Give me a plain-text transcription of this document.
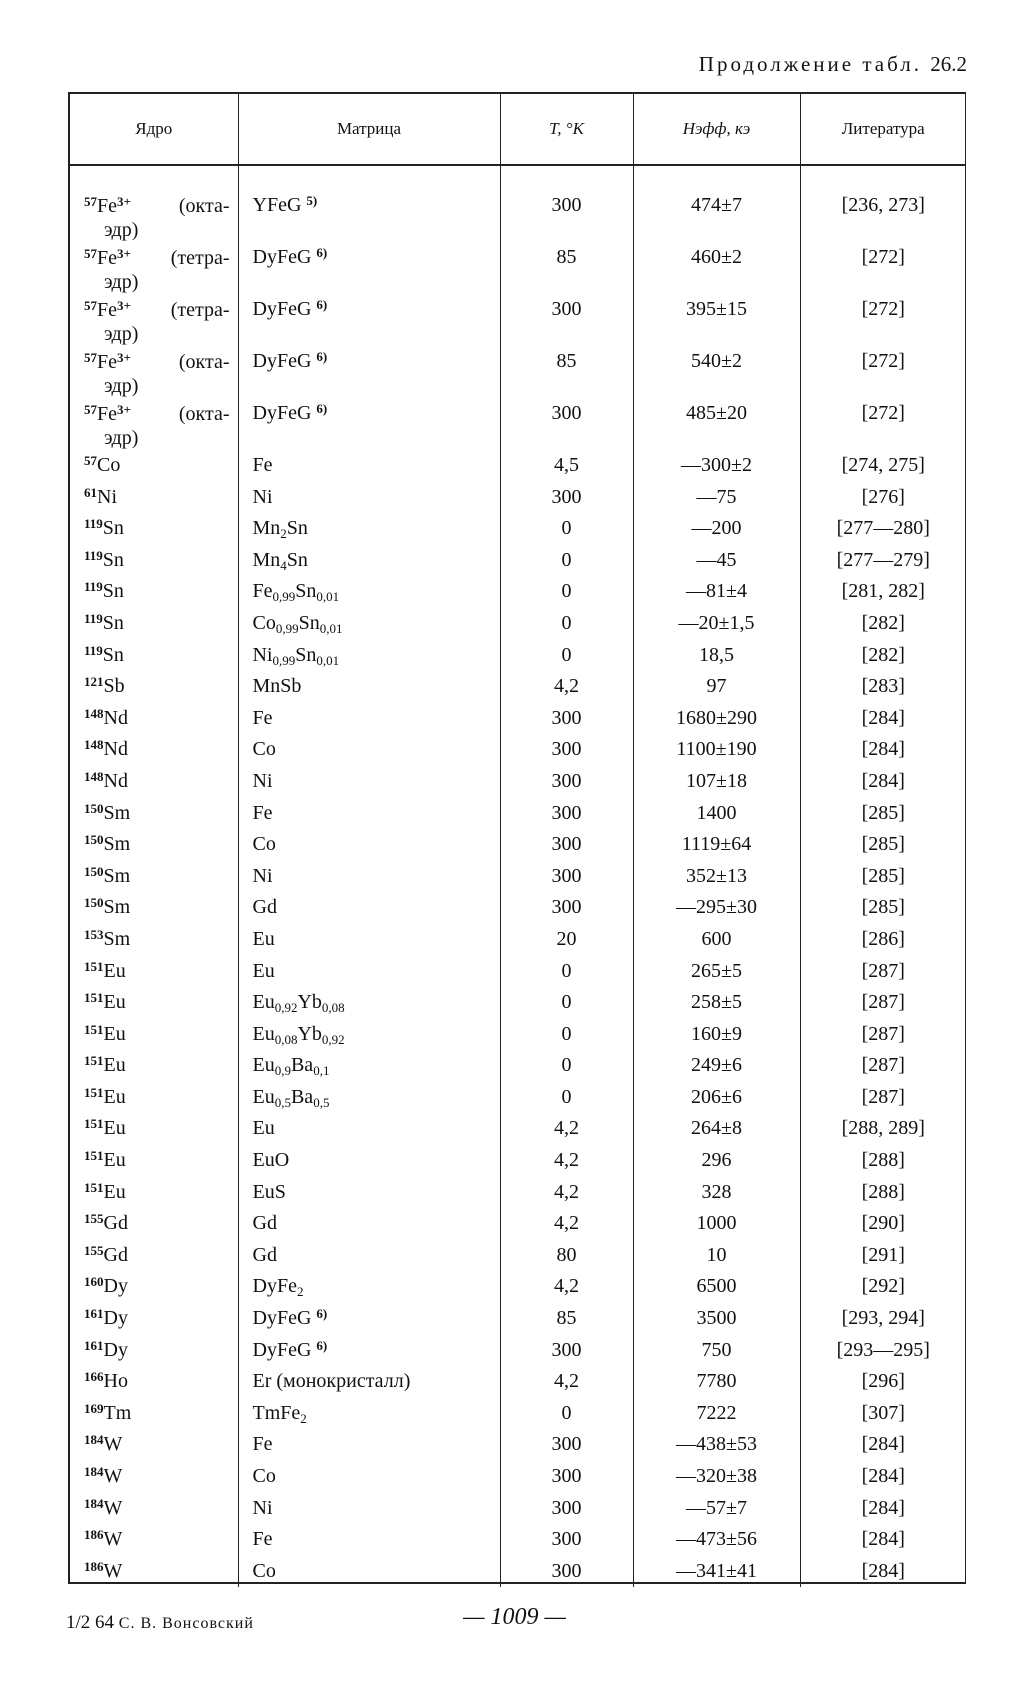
Продолжение табл. 26.2
Ядро	Матрица	T, °K	Hэфф, кэ	Литература

$^{57}Fe^{3+}$ (окта-
эдр)	YFeG $^{5)}$	300	474±7	[236, 273]

$^{57}Fe^{3+}$ (тетра-
эдр)	DyFeG $^{6)}$	85	460±2	[272]

$^{57}Fe^{3+}$ (тетра-
эдр)	DyFeG $^{6)}$	300	395±15	[272]

$^{57}Fe^{3+}$ (окта-
эдр)	DyFeG $^{6)}$	85	540±2	[272]

$^{57}Fe^{3+}$ (окта-
эдр)	DyFeG $^{6)}$	300	485±20	[272]
$^{57}$Co	Fe	4,5	—300±2	[274, 275]
$^{61}$Ni	Ni	300	—75	[276]
$^{119}$Sn	$Mn_2Sn$	0	—200	[277—280]
$^{119}$Sn	$Mn_4Sn$	0	—45	[277—279]
$^{119}$Sn	$Fe_{0,99}Sn_{0,01}$	0	—81±4	[281, 282]
$^{119}$Sn	$Co_{0,99}Sn_{0,01}$	0	—20±1,5	[282]
$^{119}$Sn	$Ni_{0,99}Sn_{0,01}$	0	18,5	[282]
$^{121}$Sb	MnSb	4,2	97	[283]
$^{148}$Nd	Fe	300	1680±290	[284]
$^{148}$Nd	Co	300	1100±190	[284]
$^{148}$Nd	Ni	300	107±18	[284]
$^{150}$Sm	Fe	300	1400	[285]
$^{150}$Sm	Co	300	1119±64	[285]
$^{150}$Sm	Ni	300	352±13	[285]
$^{150}$Sm	Gd	300	—295±30	[285]
$^{153}$Sm	Eu	20	600	[286]
$^{151}$Eu	Eu	0	265±5	[287]
$^{151}$Eu	$Eu_{0,92}Yb_{0,08}$	0	258±5	[287]
$^{151}$Eu	$Eu_{0,08}Yb_{0,92}$	0	160±9	[287]
$^{151}$Eu	$Eu_{0,9}Ba_{0,1}$	0	249±6	[287]
$^{151}$Eu	$Eu_{0,5}Ba_{0,5}$	0	206±6	[287]
$^{151}$Eu	Eu	4,2	264±8	[288, 289]
$^{151}$Eu	EuO	4,2	296	[288]
$^{151}$Eu	EuS	4,2	328	[288]
$^{155}$Gd	Gd	4,2	1000	[290]
$^{155}$Gd	Gd	80	10	[291]
$^{160}$Dy	DyFe$_2$	4,2	6500	[292]
$^{161}$Dy	DyFeG $^{6)}$	85	3500	[293, 294]
$^{161}$Dy	DyFeG $^{6)}$	300	750	[293—295]
$^{166}$Ho	Er (монокристалл)	4,2	7780	[296]
$^{169}$Tm	TmFe$_2$	0	7222	[307]
$^{184}$W	Fe	300	—438±53	[284]
$^{184}$W	Co	300	—320±38	[284]
$^{184}$W	Ni	300	—57±7	[284]
$^{186}$W	Fe	300	—473±56	[284]
$^{186}$W	Co	300	—341±41	[284]
1/2 64 С. В. Вонсовский	— 1009 —
